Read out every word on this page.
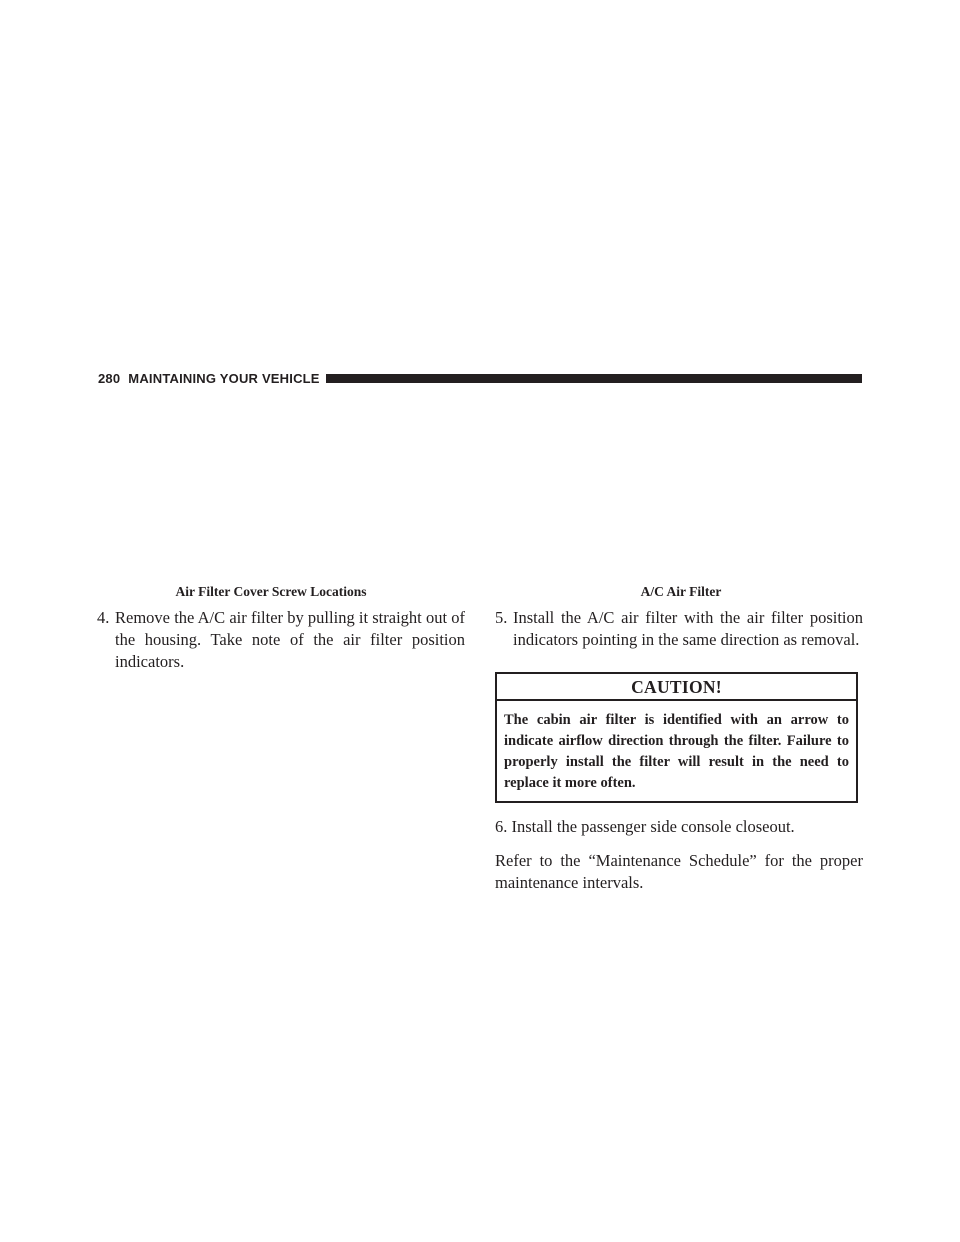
280 MAINTAINING YOUR VEHICLE
Air Filter Cover Screw Locations
4. Remove the A/C air filter by pulling it straight out of the housing. Take note of the air filter position indicators.
A/C Air Filter
5. Install the A/C air filter with the air filter position indicators pointing in the same direction as removal.
CAUTION!
The cabin air filter is identified with an arrow to indicate airflow direction through the filter. Failure to properly install the filter will result in the need to replace it more often.
6. Install the passenger side console closeout.
Refer to the “Maintenance Schedule” for the proper maintenance intervals.
